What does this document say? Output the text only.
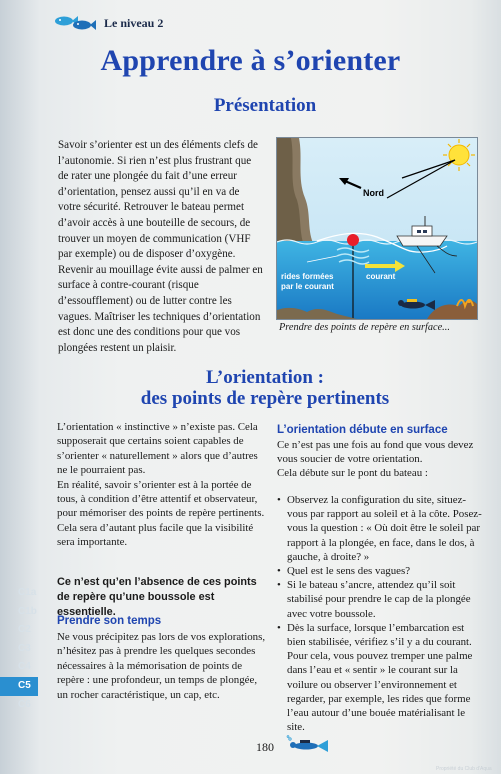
Le niveau 2
Apprendre à s’orienter
Présentation

Savoir s’orienter est un des éléments clefs de l’autonomie. Si rien n’est plus frustrant que de rater une plongée du fait d’une erreur d’orientation, pensez aussi qu’il en va de votre sécurité. Retrouver le bateau permet d’avoir accès à une bouteille de secours, de trouver un moyen de communication (VHF par exemple) ou de disposer d’oxygène. Revenir au mouillage évite aussi de palmer en surface à contre-courant (risque d’essoufflement) ou de lutter contre les vagues. Maîtriser les techniques d’orientation est donc une des conditions pour que vos plongées restent un plaisir.

Nord
courant
rides formées
par le courant
Prendre des points de repère en surface...
L’orientation :
des points de repère pertinents

L’orientation « instinctive » n’existe pas. Cela supposerait que certains soient capables de s’orienter « naturellement » alors que d’autres ne le pourraient pas.

En réalité, savoir s’orienter est à la portée de tous, à condition d’être attentif et observateur, pour mémoriser des points de repère pertinents.

Cela sera d’autant plus facile que la visibilité sera importante.

Ce n’est qu’en l’absence de ces points de repère qu’une boussole est essentielle.
Prendre son temps

Ne vous précipitez pas lors de vos explorations, n’hésitez pas à prendre les quelques secondes nécessaires à la mémorisation de points de repère : une profondeur, un temps de plongée, un rocher caractéristique, un cap, etc.

L’orientation débute en surface

Ce n’est pas une fois au fond que vous devez vous soucier de votre orientation.

Cela débute sur le pont du bateau :

• Observez la configuration du site, situez-vous par rapport au soleil et à la côte. Posez-vous la question : « Où doit être le soleil par rapport à la plongée, en face, dans le dos, à gauche, à droite? »
• Quel est le sens des vagues?
• Si le bateau s’ancre, attendez qu’il soit stabilisé pour prendre le cap de la plongée avec votre boussole.
• Dès la surface, lorsque l’embarcation est bien stabilisée, vérifiez s’il y a du courant. Pour cela, vous pouvez tremper une palme dans l’eau et « sentir » le courant sur la voilure ou observer l’environnement et regarder, par exemple, les rides que forme l’eau autour d’une bouée matérialisant le site.
C1a
C1b
C2
C3
C4
C5
C6
180
Propriété du Club d'Aqua
